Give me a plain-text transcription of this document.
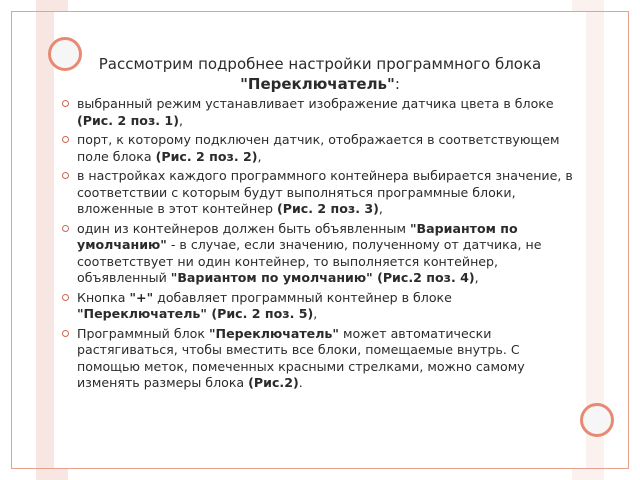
Рассмотрим подробнее настройки программного блока "Переключатель":
выбранный режим устанавливает изображение датчика цвета в блоке (Рис. 2 поз. 1),
порт, к которому подключен датчик, отображается в соответствующем поле блока (Рис. 2 поз. 2),
в настройках каждого программного контейнера выбирается значение, в соответствии с которым будут выполняться программные блоки, вложенные в этот контейнер (Рис. 2 поз. 3),
один из контейнеров должен быть объявленным "Вариантом по умолчанию" - в случае, если значению, полученному от датчика, не соответствует ни один контейнер, то выполняется контейнер, объявленный "Вариантом по умолчанию" (Рис.2 поз. 4),
Кнопка "+" добавляет программный контейнер в блоке "Переключатель" (Рис. 2 поз. 5),
Программный блок "Переключатель" может автоматически растягиваться, чтобы вместить все блоки, помещаемые внутрь. С помощью меток, помеченных красными стрелками, можно самому изменять размеры блока (Рис.2).
